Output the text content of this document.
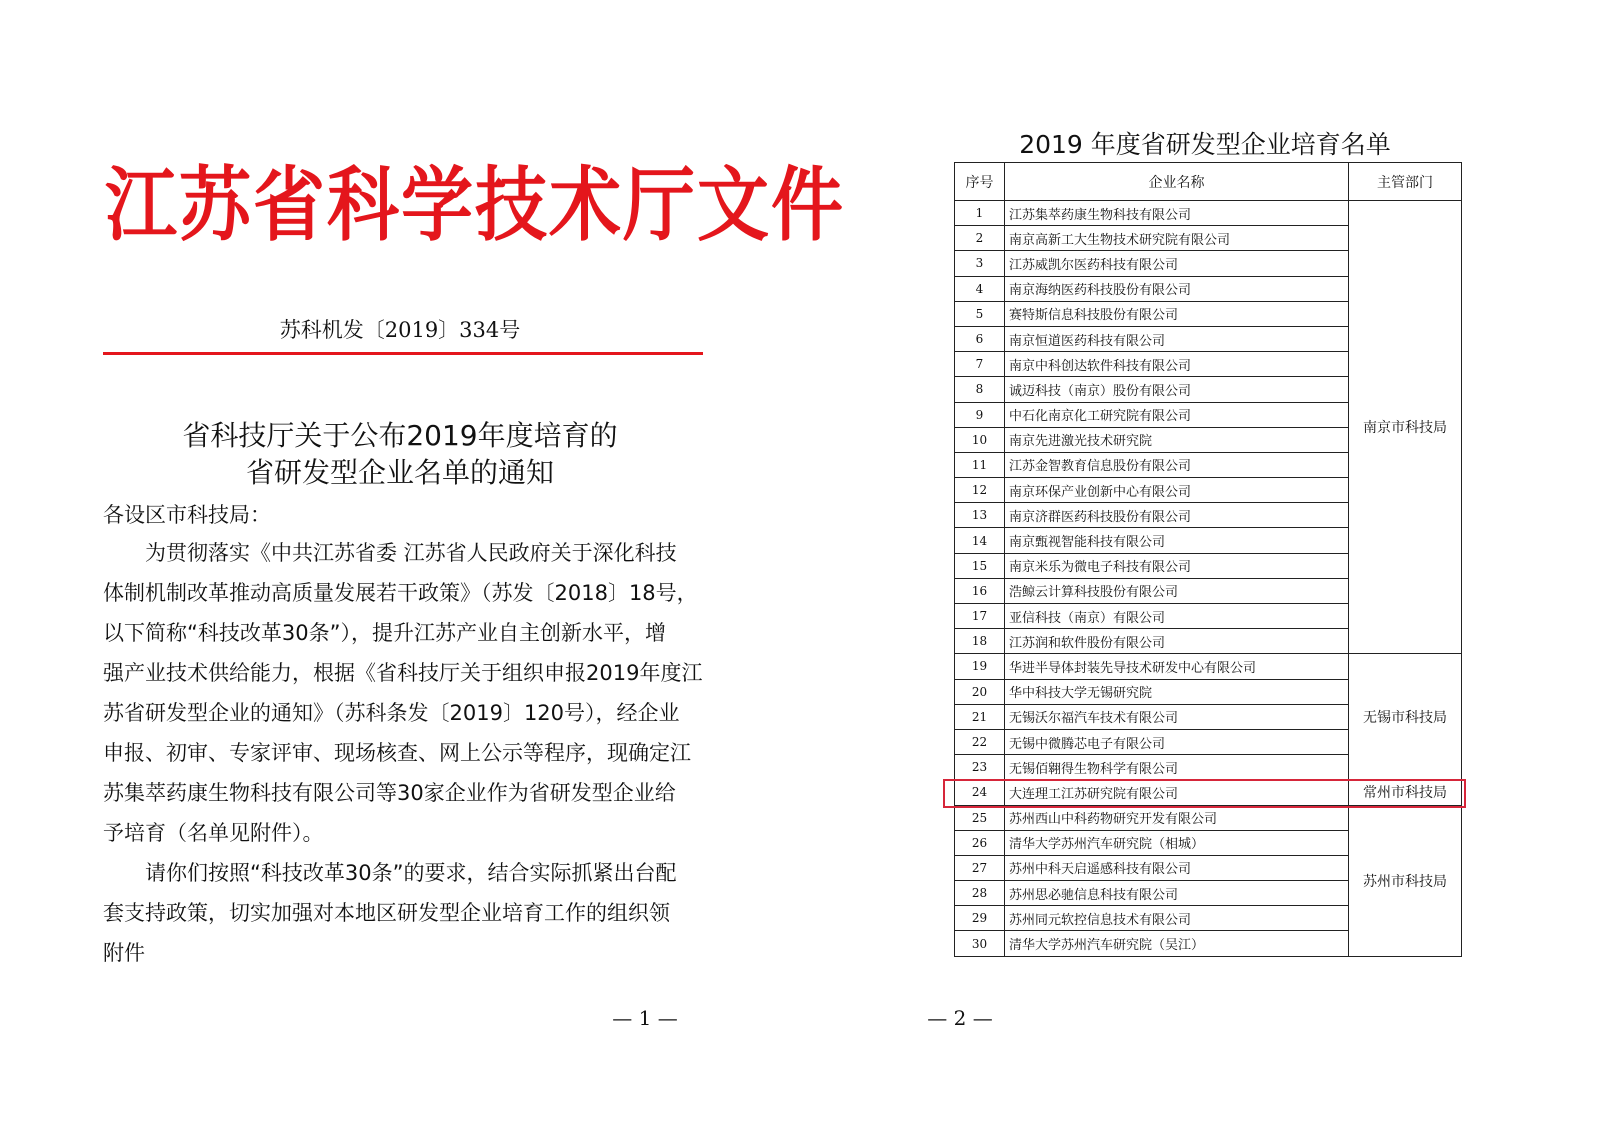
江苏省科学技术厅文件
苏科机发〔2019〕334号
省科技厅关于公布2019年度培育的
省研发型企业名单的通知
各设区市科技局：
为贯彻落实《中共江苏省委 江苏省人民政府关于深化科技
体制机制改革推动高质量发展若干政策》（苏发〔2018〕18号，
以下简称“科技改革30条”），提升江苏产业自主创新水平，增
强产业技术供给能力，根据《省科技厅关于组织申报2019年度江
苏省研发型企业的通知》（苏科条发〔2019〕120号），经企业
申报、初审、专家评审、现场核查、网上公示等程序，现确定江
苏集萃药康生物科技有限公司等30家企业作为省研发型企业给
予培育（名单见附件）。
请你们按照“科技改革30条”的要求，结合实际抓紧出台配
套支持政策，切实加强对本地区研发型企业培育工作的组织领
附件
— 1 —
2019 年度省研发型企业培育名单
序号	企业名称	主管部门
1	江苏集萃药康生物科技有限公司	南京市科技局
2	南京高新工大生物技术研究院有限公司	
3	江苏威凯尔医药科技有限公司	
4	南京海纳医药科技股份有限公司	
5	赛特斯信息科技股份有限公司	
6	南京恒道医药科技有限公司	
7	南京中科创达软件科技有限公司	
8	诚迈科技（南京）股份有限公司	
9	中石化南京化工研究院有限公司	
10	南京先进激光技术研究院	
11	江苏金智教育信息股份有限公司	
12	南京环保产业创新中心有限公司	
13	南京济群医药科技股份有限公司	
14	南京甄视智能科技有限公司	
15	南京米乐为微电子科技有限公司	
16	浩鲸云计算科技股份有限公司	
17	亚信科技（南京）有限公司	
18	江苏润和软件股份有限公司	
19	华进半导体封装先导技术研发中心有限公司	无锡市科技局
20	华中科技大学无锡研究院	
21	无锡沃尔福汽车技术有限公司	
22	无锡中微腾芯电子有限公司	
23	无锡佰翱得生物科学有限公司	
24	大连理工江苏研究院有限公司	常州市科技局
25	苏州西山中科药物研究开发有限公司	苏州市科技局
26	清华大学苏州汽车研究院（相城）	
27	苏州中科天启遥感科技有限公司	
28	苏州思必驰信息科技有限公司	
29	苏州同元软控信息技术有限公司	
30	清华大学苏州汽车研究院（吴江）	
— 2 —
